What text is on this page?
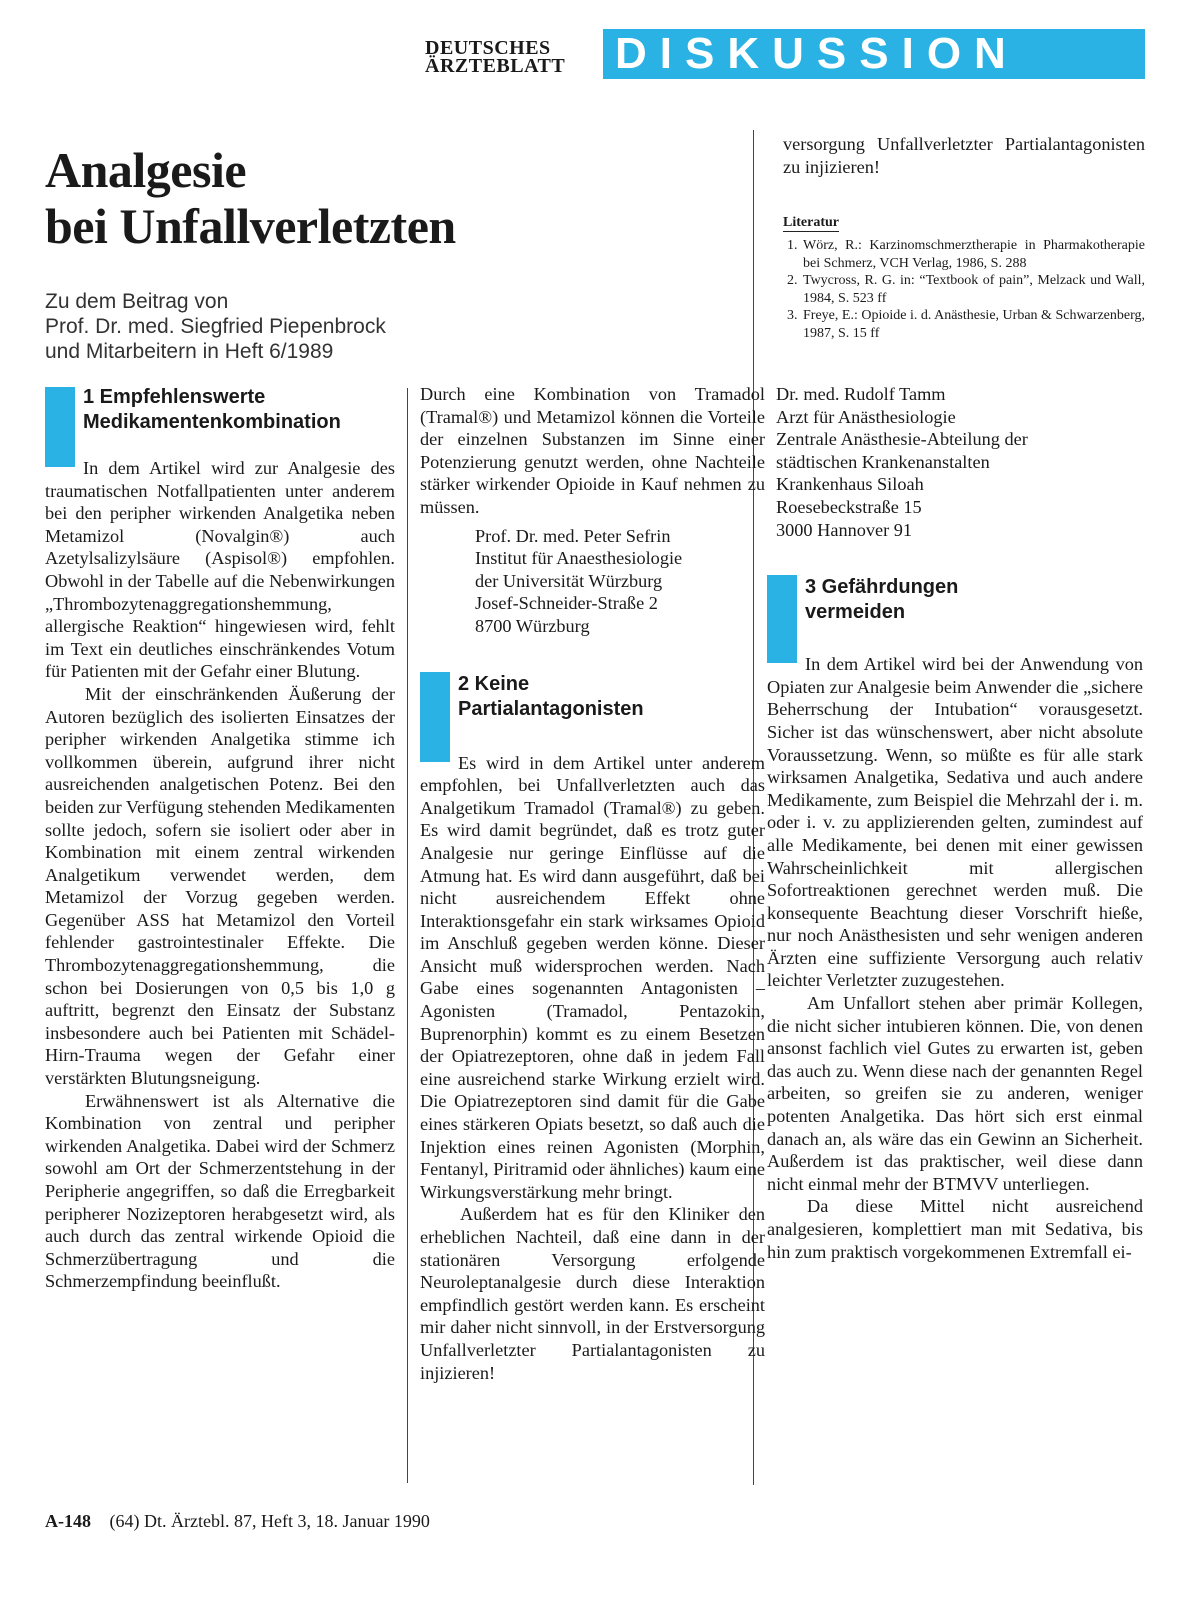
DEUTSCHES
ÄRZTEBLATT DISKUSSION
Analgesie
bei Unfallverletzten
Zu dem Beitrag von
Prof. Dr. med. Siegfried Piepenbrock
und Mitarbeitern in Heft 6/1989
1 Empfehlenswerte Medikamentenkombination

In dem Artikel wird zur Analgesie des traumatischen Notfallpatienten unter anderem bei den peripher wirkenden Analgetika neben Metamizol (Novalgin®) auch Azetylsalizylsäure (Aspisol®) empfohlen. Obwohl in der Tabelle auf die Nebenwirkungen „Thrombozytenaggregationshemmung, allergische Reaktion“ hingewiesen wird, fehlt im Text ein deutliches einschränkendes Votum für Patienten mit der Gefahr einer Blutung.

Mit der einschränkenden Äußerung der Autoren bezüglich des isolierten Einsatzes der peripher wirkenden Analgetika stimme ich vollkommen überein, aufgrund ihrer nicht ausreichenden analgetischen Potenz. Bei den beiden zur Verfügung stehenden Medikamenten sollte jedoch, sofern sie isoliert oder aber in Kombination mit einem zentral wirkenden Analgetikum verwendet werden, dem Metamizol der Vorzug gegeben werden. Gegenüber ASS hat Metamizol den Vorteil fehlender gastrointestinaler Effekte. Die Thrombozytenaggregationshemmung, die schon bei Dosierungen von 0,5 bis 1,0 g auftritt, begrenzt den Einsatz der Substanz insbesondere auch bei Patienten mit Schädel-Hirn-Trauma wegen der Gefahr einer verstärkten Blutungsneigung.

Erwähnenswert ist als Alternative die Kombination von zentral und peripher wirkenden Analgetika. Dabei wird der Schmerz sowohl am Ort der Schmerzentstehung in der Peripherie angegriffen, so daß die Erregbarkeit peripherer Nozizeptoren herabgesetzt wird, als auch durch das zentral wirkende Opioid die Schmerzübertragung und die Schmerzempfindung beeinflußt.

Durch eine Kombination von Tramadol (Tramal®) und Metamizol können die Vorteile der einzelnen Substanzen im Sinne einer Potenzierung genutzt werden, ohne Nachteile stärker wirkender Opioide in Kauf nehmen zu müssen.

Prof. Dr. med. Peter Sefrin
Institut für Anaesthesiologie
der Universität Würzburg
Josef-Schneider-Straße 2
8700 Würzburg
2 Keine
Partialantagonisten

Es wird in dem Artikel unter anderem empfohlen, bei Unfallverletzten auch das Analgetikum Tramadol (Tramal®) zu geben. Es wird damit begründet, daß es trotz guter Analgesie nur geringe Einflüsse auf die Atmung hat. Es wird dann ausgeführt, daß bei nicht ausreichendem Effekt ohne Interaktionsgefahr ein stark wirksames Opioid im Anschluß gegeben werden könne. Dieser Ansicht muß widersprochen werden. Nach Gabe eines sogenannten Antagonisten – Agonisten (Tramadol, Pentazokin, Buprenorphin) kommt es zu einem Besetzen der Opiatrezeptoren, ohne daß in jedem Fall eine ausreichend starke Wirkung erzielt wird. Die Opiatrezeptoren sind damit für die Gabe eines stärkeren Opiats besetzt, so daß auch die Injektion eines reinen Agonisten (Morphin, Fentanyl, Piritramid oder ähnliches) kaum eine Wirkungsverstärkung mehr bringt.

Außerdem hat es für den Kliniker den erheblichen Nachteil, daß eine dann in der stationären Versorgung erfolgende Neuroleptanalgesie durch diese Interaktion empfindlich gestört werden kann. Es erscheint mir daher nicht sinnvoll, in der Erstversorgung Unfallverletzter Partialantagonisten zu injizieren!

versorgung Unfallverletzter Partialantagonisten zu injizieren!

Literatur
1. Wörz, R.: Karzinomschmerztherapie in Pharmakotherapie bei Schmerz, VCH Verlag, 1986, S. 288
2. Twycross, R. G. in: “Textbook of pain”, Melzack und Wall, 1984, S. 523 ff
3. Freye, E.: Opioide i. d. Anästhesie, Urban & Schwarzenberg, 1987, S. 15 ff
Dr. med. Rudolf Tamm
Arzt für Anästhesiologie
Zentrale Anästhesie-Abteilung der
städtischen Krankenanstalten
Krankenhaus Siloah
Roesebeckstraße 15
3000 Hannover 91
3 Gefährdungen
vermeiden

In dem Artikel wird bei der Anwendung von Opiaten zur Analgesie beim Anwender die „sichere Beherrschung der Intubation“ vorausgesetzt. Sicher ist das wünschenswert, aber nicht absolute Voraussetzung. Wenn, so müßte es für alle stark wirksamen Analgetika, Sedativa und auch andere Medikamente, zum Beispiel die Mehrzahl der i. m. oder i. v. zu applizierenden gelten, zumindest auf alle Medikamente, bei denen mit einer gewissen Wahrscheinlichkeit mit allergischen Sofortreaktionen gerechnet werden muß. Die konsequente Beachtung dieser Vorschrift hieße, nur noch Anästhesisten und sehr wenigen anderen Ärzten eine suffiziente Versorgung auch relativ leichter Verletzter zuzugestehen.

Am Unfallort stehen aber primär Kollegen, die nicht sicher intubieren können. Die, von denen ansonst fachlich viel Gutes zu erwarten ist, geben das auch zu. Wenn diese nach der genannten Regel arbeiten, so greifen sie zu anderen, weniger potenten Analgetika. Das hört sich erst einmal danach an, als wäre das ein Gewinn an Sicherheit. Außerdem ist das praktischer, weil diese dann nicht einmal mehr der BTMVV unterliegen.

Da diese Mittel nicht ausreichend analgesieren, komplettiert man mit Sedativa, bis hin zum praktisch vorgekommenen Extremfall ei-

A-148 (64) Dt. Ärztebl. 87, Heft 3, 18. Januar 1990
